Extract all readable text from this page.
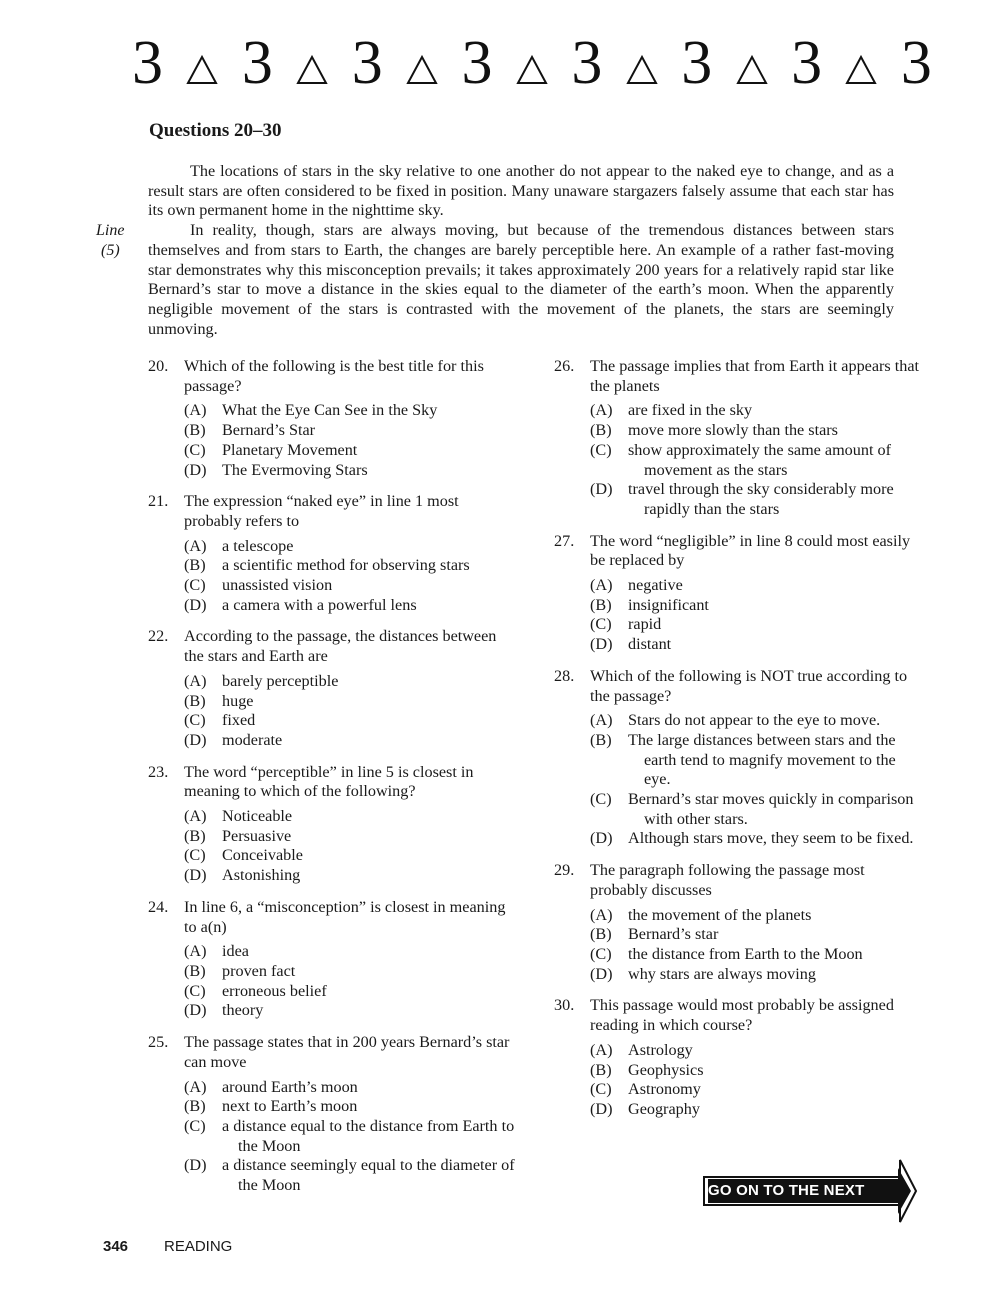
3 3 3 3 3 3 3 3
Questions 20–30

The locations of stars in the sky relative to one another do not appear to the naked eye to change, and as a result stars are often considered to be fixed in position. Many unaware stargazers falsely assume that each star has its own permanent home in the nighttime sky.

In reality, though, stars are always moving, but because of the tremendous distances between stars themselves and from stars to Earth, the changes are barely perceptible here. An example of a rather fast-moving star demonstrates why this misconception prevails; it takes approximately 200 years for a relatively rapid star like Bernard’s star to move a distance in the skies equal to the diameter of the earth’s moon. When the apparently negligible movement of the stars is contrasted with the movement of the planets, the stars are seemingly unmoving.

Line
(5)
20. Which of the following is the best title for this passage?
(A) What the Eye Can See in the Sky
(B)	Bernard’s Star
(C)	Planetary Movement
(D) The Evermoving Stars
21. The expression “naked eye” in line 1 most probably refers to
(A) a telescope
(B)	a scientific method for observing stars
(C)	unassisted vision
(D) a camera with a powerful lens
22. According to the passage, the distances between the stars and Earth are
(A) barely perceptible
(B)	huge
(C)	fixed
(D) moderate
23. The word “perceptible” in line 5 is closest in meaning to which of the following?
(A) Noticeable
(B)	Persuasive
(C)	Conceivable
(D) Astonishing
24. In line 6, a “misconception” is closest in meaning to a(n)
(A) idea
(B)	proven fact
(C)	erroneous belief
(D) theory
25. The passage states that in 200 years Bernard’s star can move
(A) around Earth’s moon
(B)	next to Earth’s moon
(C)	a distance equal to the distance from Earth to the Moon
(D) a distance seemingly equal to the diameter of the Moon
26. The passage implies that from Earth it appears that the planets
(A) are fixed in the sky
(B)	move more slowly than the stars
(C)	show approximately the same amount of movement as the stars
(D) travel through the sky considerably more rapidly than the stars
27. The word “negligible” in line 8 could most easily be replaced by
(A) negative
(B)	insignificant
(C)	rapid
(D) distant
28. Which of the following is NOT true according to the passage?
(A) Stars do not appear to the eye to move.
(B)	The large distances between stars and the earth tend to magnify movement to the eye.
(C)	Bernard’s star moves quickly in comparison with other stars.
(D) Although stars move, they seem to be fixed.
29. The paragraph following the passage most probably discusses
(A) the movement of the planets
(B)	Bernard’s star
(C)	the distance from Earth to the Moon
(D) why stars are always moving
30. This passage would most probably be assigned reading in which course?
(A) Astrology
(B)	Geophysics
(C)	Astronomy
(D) Geography
GO ON TO THE NEXT PAGE
346 READING
